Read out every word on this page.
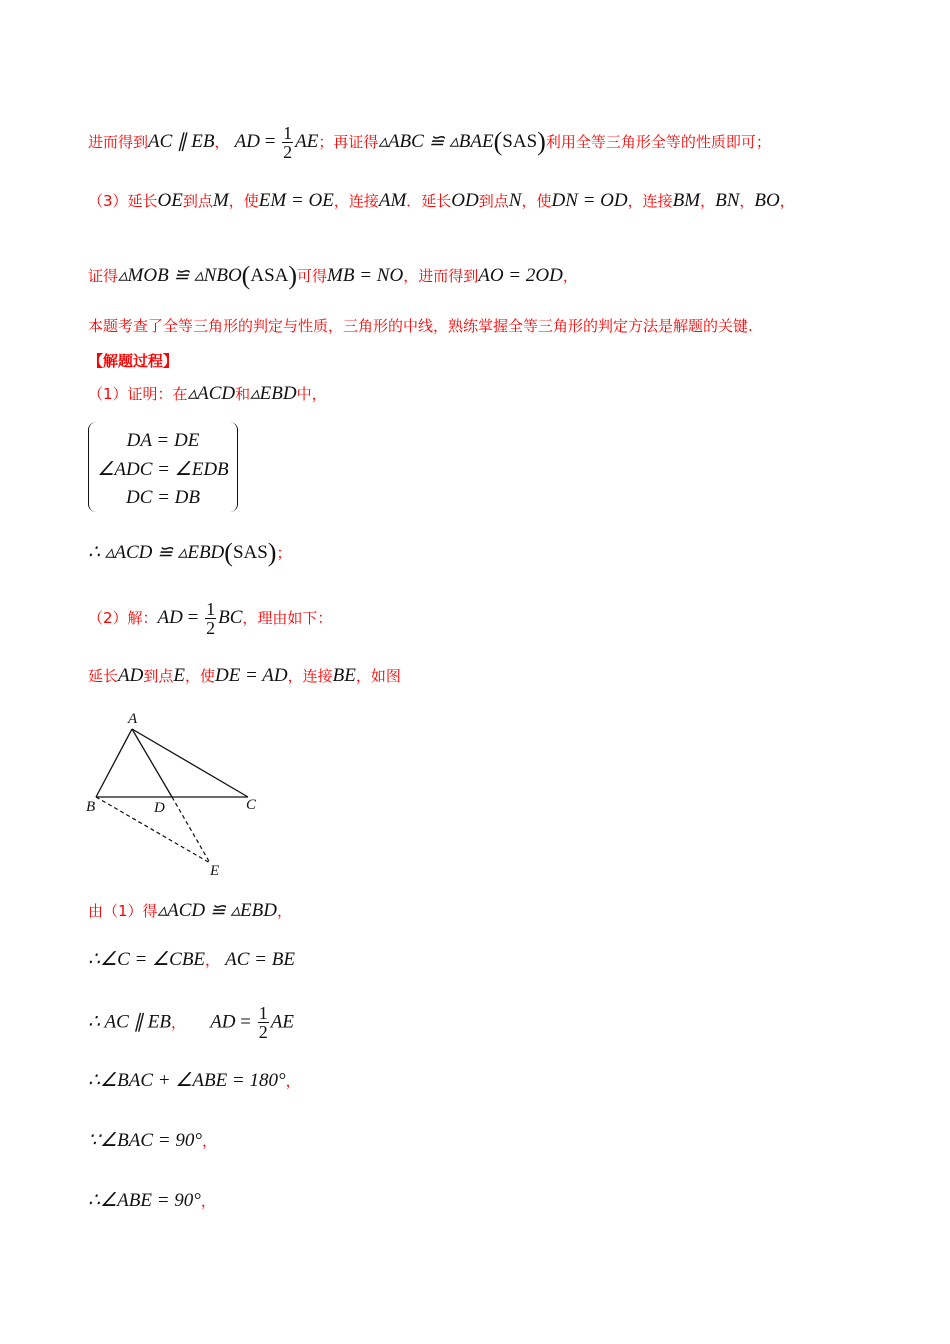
进而得到AC ∥ EB， AD = $\frac{1}{2}$ AE；再证得▵ABC ≌ ▵BAE(SAS)利用全等三角形全等的性质即可；
（3）延长OE到点M，使EM = OE，连接AM．延长OD到点N，使DN = OD，连接BM，BN，BO，
证得▵MOB ≌ ▵NBO(ASA)可得MB = NO，进而得到AO = 2OD，
本题考查了全等三角形的判定与性质，三角形的中线，熟练掌握全等三角形的判定方法是解题的关键.
【解题过程】
（1）证明：在▵ACD和▵EBD中，
DA = DE
∠ADC = ∠EDB
DC = DB
∴ ▵ACD ≌ ▵EBD(SAS)；
（2）解：AD = $\frac{1}{2}$ BC，理由如下：
延长AD到点E，使DE = AD，连接BE，如图
A
B	C
D
E
由（1）得▵ACD ≌ ▵EBD，
∴∠C = ∠CBE， AC = BE
∴ AC ∥ EB， AD = $\frac{1}{2}$ AE
∴∠BAC + ∠ABE = 180°，
∵∠BAC = 90°，
∴∠ABE = 90°，
